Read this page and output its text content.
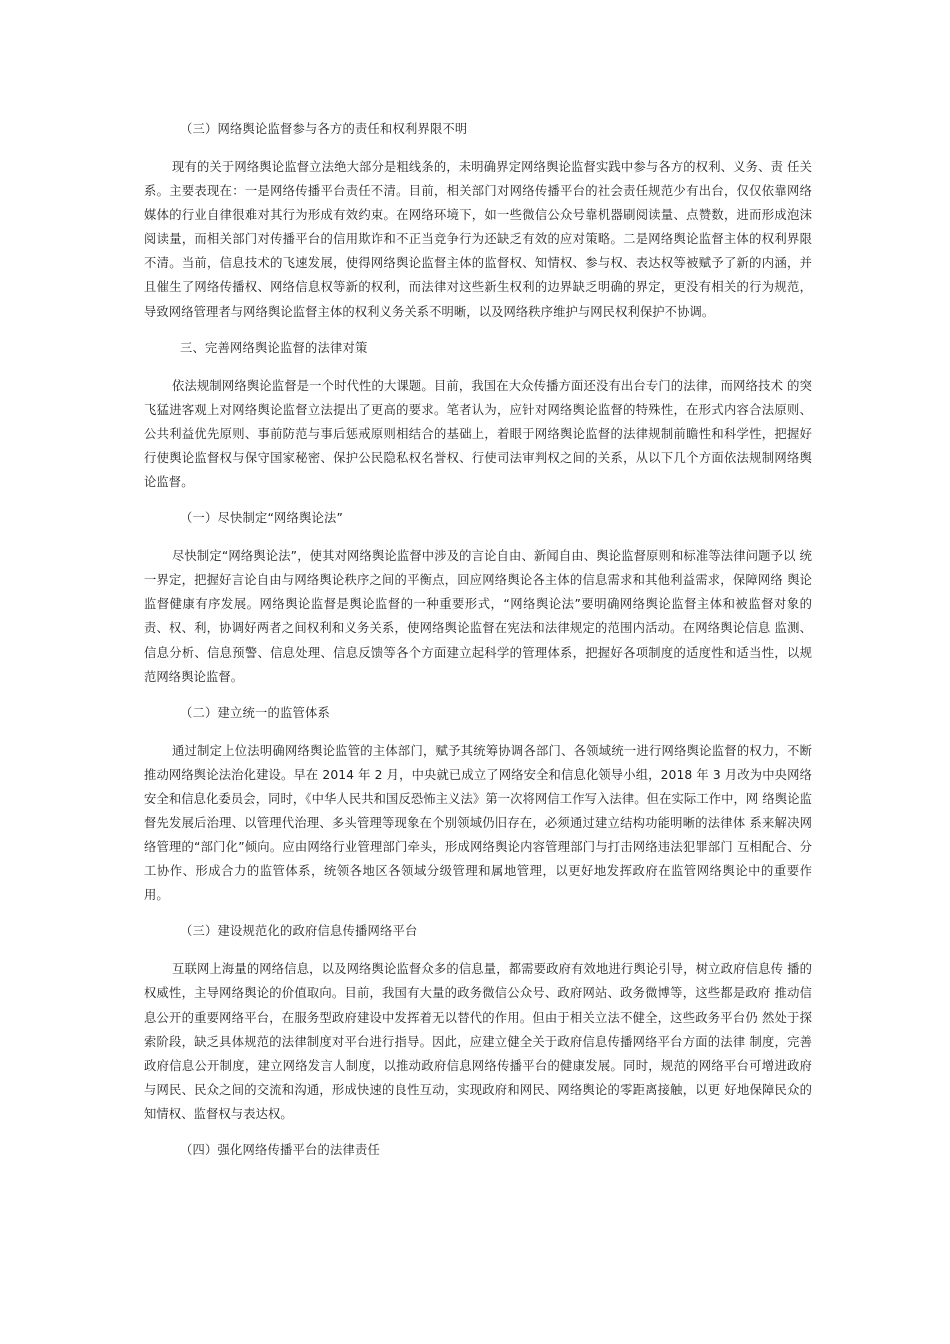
（三）网络舆论监督参与各方的责任和权利界限不明

现有的关于网络舆论监督立法绝大部分是粗线条的，未明确界定网络舆论监督实践中参与各方的权利、义务、责 任关系。主要表现在：一是网络传播平台责任不清。目前，相关部门对网络传播平台的社会责任规范少有出台，仅仅依靠网络媒体的行业自律很难对其行为形成有效约束。在网络环境下，如一些微信公众号靠机器刷阅读量、点赞数，进而形成泡沫阅读量，而相关部门对传播平台的信用欺诈和不正当竞争行为还缺乏有效的应对策略。二是网络舆论监督主体的权利界限不清。当前，信息技术的飞速发展，使得网络舆论监督主体的监督权、知情权、参与权、表达权等被赋予了新的内涵，并且催生了网络传播权、网络信息权等新的权利，而法律对这些新生权利的边界缺乏明确的界定，更没有相关的行为规范，导致网络管理者与网络舆论监督主体的权利义务关系不明晰，以及网络秩序维护与网民权利保护不协调。

三、完善网络舆论监督的法律对策

依法规制网络舆论监督是一个时代性的大课题。目前，我国在大众传播方面还没有出台专门的法律，而网络技术 的突飞猛进客观上对网络舆论监督立法提出了更高的要求。笔者认为，应针对网络舆论监督的特殊性，在形式内容合法原则、公共利益优先原则、事前防范与事后惩戒原则相结合的基础上，着眼于网络舆论监督的法律规制前瞻性和科学性，把握好行使舆论监督权与保守国家秘密、保护公民隐私权名誉权、行使司法审判权之间的关系，从以下几个方面依法规制网络舆论监督。

（一）尽快制定“网络舆论法”

尽快制定“网络舆论法”，使其对网络舆论监督中涉及的言论自由、新闻自由、舆论监督原则和标准等法律问题予以 统一界定，把握好言论自由与网络舆论秩序之间的平衡点，回应网络舆论各主体的信息需求和其他利益需求，保障网络 舆论监督健康有序发展。网络舆论监督是舆论监督的一种重要形式，“网络舆论法”要明确网络舆论监督主体和被监督对象的责、权、利，协调好两者之间权利和义务关系，使网络舆论监督在宪法和法律规定的范围内活动。在网络舆论信息 监测、信息分析、信息预警、信息处理、信息反馈等各个方面建立起科学的管理体系，把握好各项制度的适度性和适当性，以规范网络舆论监督。

（二）建立统一的监管体系

通过制定上位法明确网络舆论监管的主体部门，赋予其统筹协调各部门、各领域统一进行网络舆论监督的权力，不断推动网络舆论法治化建设。早在 2014 年 2 月，中央就已成立了网络安全和信息化领导小组，2018 年 3 月改为中央网络安全和信息化委员会，同时，《中华人民共和国反恐怖主义法》第一次将网信工作写入法律。但在实际工作中，网 络舆论监督先发展后治理、以管理代治理、多头管理等现象在个别领域仍旧存在，必须通过建立结构功能明晰的法律体 系来解决网络管理的“部门化”倾向。应由网络行业管理部门牵头，形成网络舆论内容管理部门与打击网络违法犯罪部门 互相配合、分工协作、形成合力的监管体系，统领各地区各领域分级管理和属地管理，以更好地发挥政府在监管网络舆论中的重要作用。

（三）建设规范化的政府信息传播网络平台

互联网上海量的网络信息，以及网络舆论监督众多的信息量，都需要政府有效地进行舆论引导，树立政府信息传 播的权威性，主导网络舆论的价值取向。目前，我国有大量的政务微信公众号、政府网站、政务微博等，这些都是政府 推动信息公开的重要网络平台，在服务型政府建设中发挥着无以替代的作用。但由于相关立法不健全，这些政务平台仍 然处于探索阶段，缺乏具体规范的法律制度对平台进行指导。因此，应建立健全关于政府信息传播网络平台方面的法律 制度，完善政府信息公开制度，建立网络发言人制度，以推动政府信息网络传播平台的健康发展。同时，规范的网络平台可增进政府与网民、民众之间的交流和沟通，形成快速的良性互动，实现政府和网民、网络舆论的零距离接触，以更 好地保障民众的知情权、监督权与表达权。

（四）强化网络传播平台的法律责任
